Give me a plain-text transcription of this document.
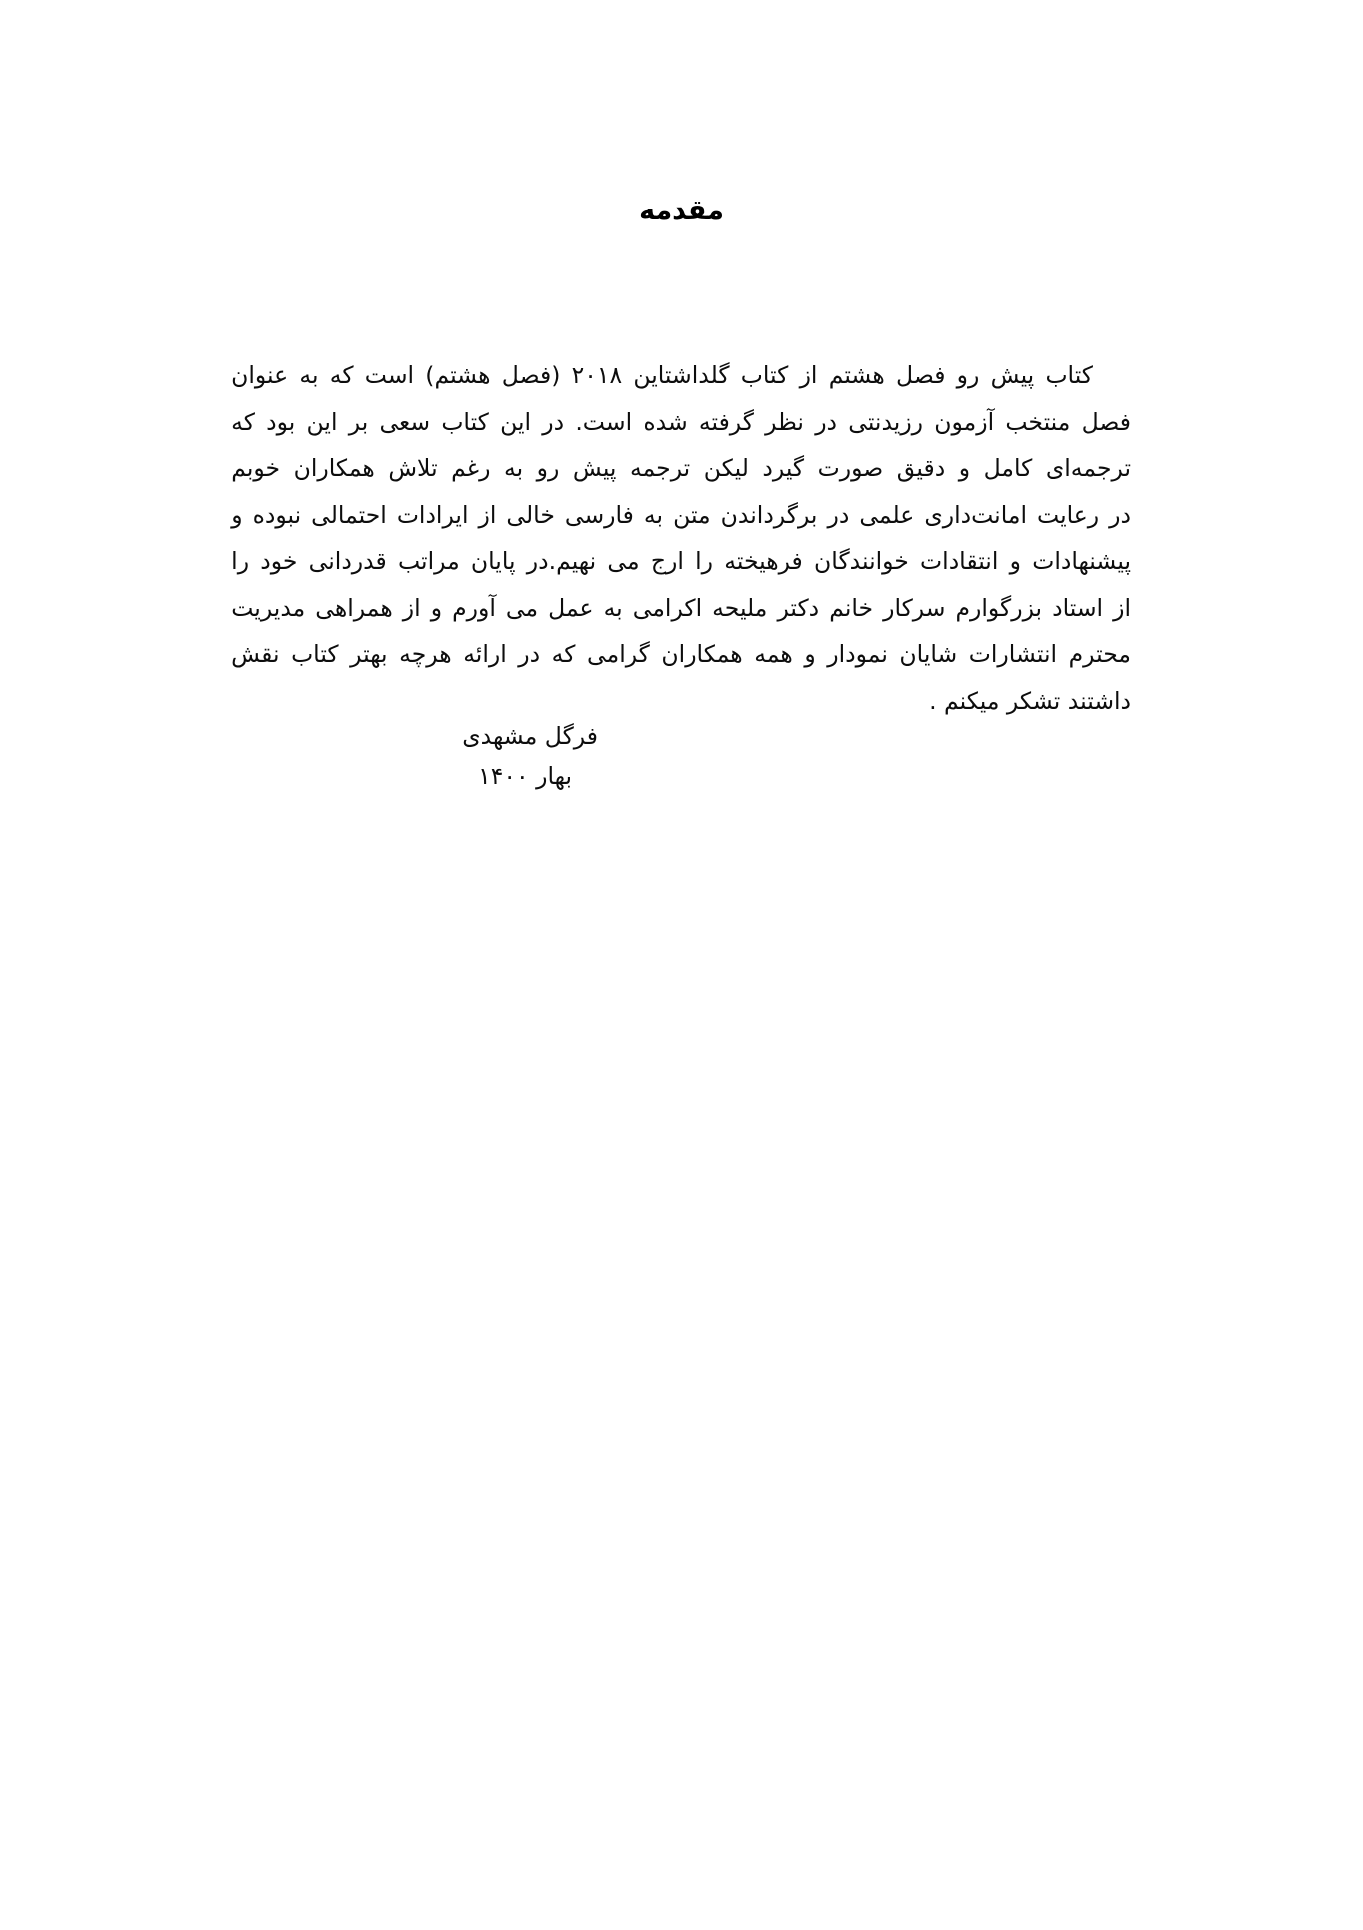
مقدمه
کتاب
پیش
رو
فصل
هشتم
از
کتاب
گلداشتاین
۲۰۱۸
(فصل
هشتم)
است
که
به
عنوان
فصل
منتخب
آزمون
رزیدنتی
در
نظر
گرفته
شده
است.
در
این
کتاب
سعی
بر
این
بود
که
ترجمه‌ای
کامل
و
دقیق
صورت
گیرد
لیکن
ترجمه
پیش
رو
به
رغم
تلاش
همکاران
خوبم
در
رعایت
امانت‌داری
علمی
در
برگرداندن
متن
به
فارسی
خالی
از
ایرادات
احتمالی
نبوده
و
پیشنهادات
و
انتقادات
خوانندگان
فرهیخته
را
ارج
می
نهیم.در
پایان
مراتب
قدردانی
خود
را
از
استاد
بزرگوارم
سرکار
خانم
دکتر
ملیحه
اکرامی
به
عمل
می
آورم
و
از
همراهی
مدیریت
محترم
انتشارات
شایان
نمودار
و
همه
همکاران
گرامی
که
در
ارائه
هرچه
بهتر
کتاب
نقش
داشتند تشکر میکنم .
فرگل مشهدی
بهار ۱۴۰۰
